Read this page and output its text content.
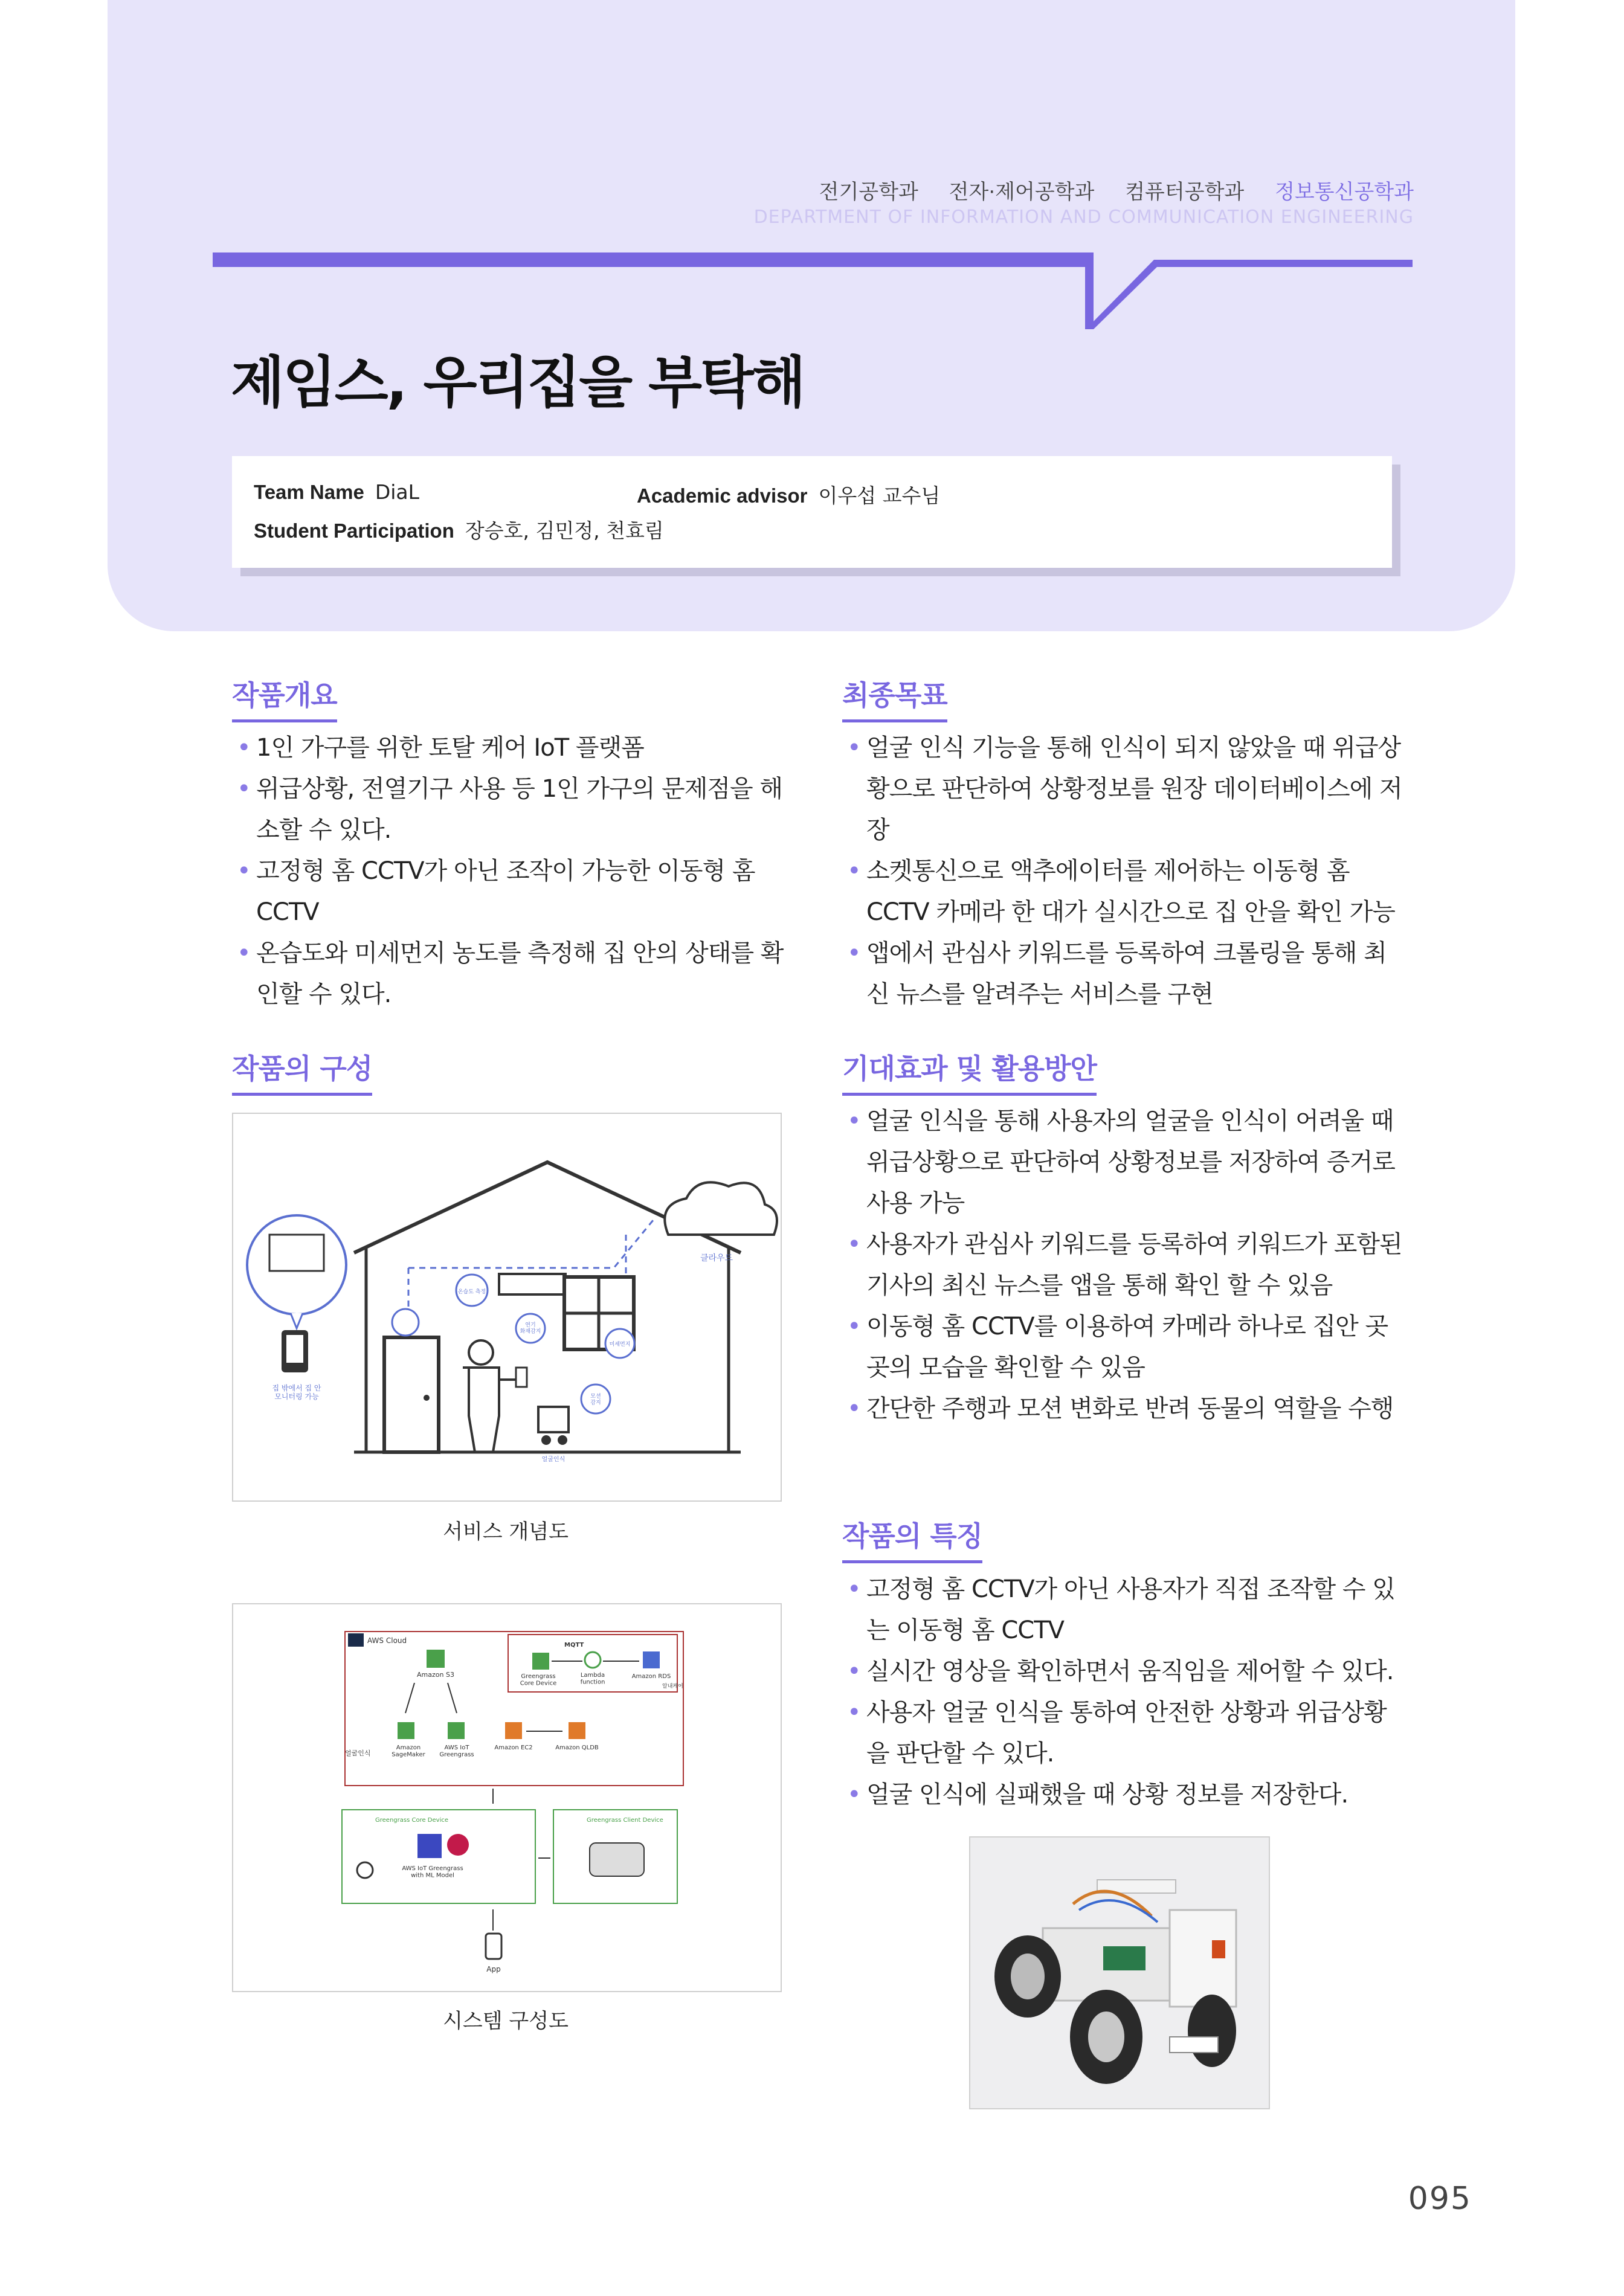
전기공학과 전자·제어공학과 컴퓨터공학과 정보통신공학과
DEPARTMENT OF INFORMATION AND COMMUNICATION ENGINEERING
제임스, 우리집을 부탁해
Team Name DiaL	Academic advisor 이우섭 교수님
Student Participation 장승호, 김민정, 천효림
작품개요
• 1인 가구를 위한 토탈 케어 IoT 플랫폼
• 위급상황, 전열기구 사용 등 1인 가구의 문제점을 해소할 수 있다.
• 고정형 홈 CCTV가 아닌 조작이 가능한 이동형 홈 CCTV
• 온습도와 미세먼지 농도를 측정해 집 안의 상태를 확인할 수 있다.
최종목표
• 얼굴 인식 기능을 통해 인식이 되지 않았을 때 위급상황으로 판단하여 상황정보를 원장 데이터베이스에 저장
• 소켓통신으로 액추에이터를 제어하는 이동형 홈 CCTV 카메라 한 대가 실시간으로 집 안을 확인 가능
• 앱에서 관심사 키워드를 등록하여 크롤링을 통해 최신 뉴스를 알려주는 서비스를 구현
작품의 구성
클라우드
온습도 측정
연기 화재감지
얼굴인식
모션 감지
미세먼지
집 밖에서 집 안 모니터링 가능
서비스 개념도
AWS Cloud
Amazon S3	Greengrass Core Device
MQTT
Lambda function
Amazon RDS
알내케어
얼굴인식
Amazon SageMaker
AWS IoT Greengrass
Amazon EC2	Amazon QLDB
Greengrass Core Device	Greengrass Client Device
AWS IoT Greengrass with ML Model
App
시스템 구성도
기대효과 및 활용방안
• 얼굴 인식을 통해 사용자의 얼굴을 인식이 어려울 때 위급상황으로 판단하여 상황정보를 저장하여 증거로 사용 가능
• 사용자가 관심사 키워드를 등록하여 키워드가 포함된 기사의 최신 뉴스를 앱을 통해 확인 할 수 있음
• 이동형 홈 CCTV를 이용하여 카메라 하나로 집안 곳곳의 모습을 확인할 수 있음
• 간단한 주행과 모션 변화로 반려 동물의 역할을 수행
작품의 특징
• 고정형 홈 CCTV가 아닌 사용자가 직접 조작할 수 있는 이동형 홈 CCTV
• 실시간 영상을 확인하면서 움직임을 제어할 수 있다.
• 사용자 얼굴 인식을 통하여 안전한 상황과 위급상황을 판단할 수 있다.
• 얼굴 인식에 실패했을 때 상황 정보를 저장한다.
095
